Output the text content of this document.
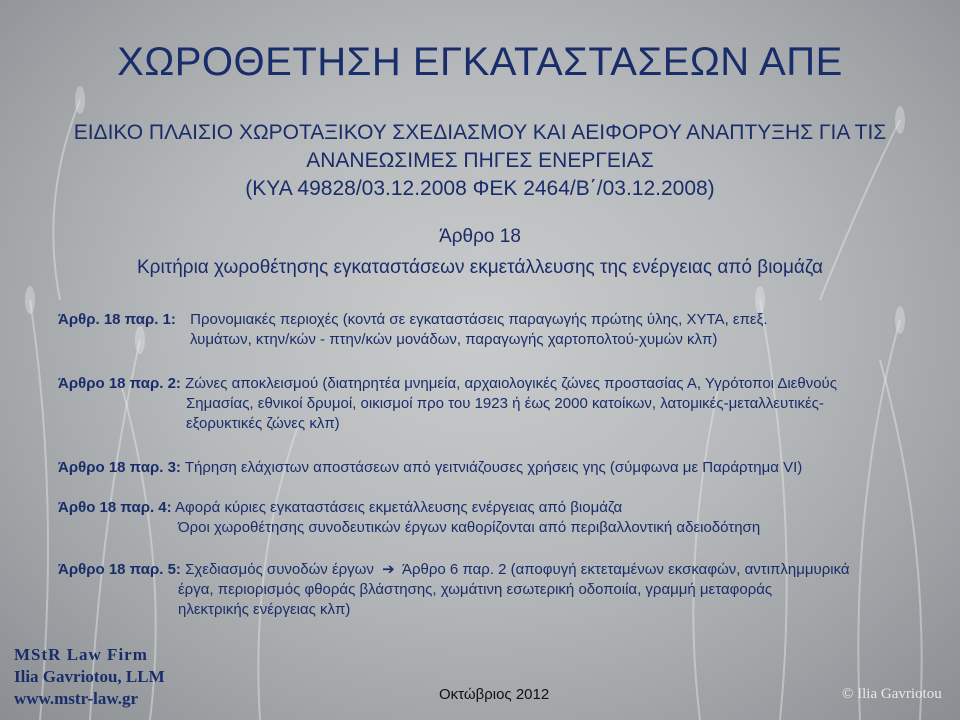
ΧΩΡΟΘΕΤΗΣΗ ΕΓΚΑΤΑΣΤΑΣΕΩΝ ΑΠΕ
ΕΙΔΙΚΟ ΠΛΑΙΣΙΟ ΧΩΡΟΤΑΞΙΚΟΥ ΣΧΕΔΙΑΣΜΟΥ ΚΑΙ ΑΕΙΦΟΡΟΥ ΑΝΑΠΤΥΞΗΣ ΓΙΑ ΤΙΣ
ΑΝΑΝΕΩΣΙΜΕΣ ΠΗΓΕΣ ΕΝΕΡΓΕΙΑΣ
(ΚΥΑ 49828/03.12.2008 ΦΕΚ 2464/Β΄/03.12.2008)
Άρθρο 18
Κριτήρια χωροθέτησης εγκαταστάσεων εκμετάλλευσης της ενέργειας από βιομάζα
Άρθρ. 18 παρ. 1: Προνομιακές περιοχές (κοντά σε εγκαταστάσεις παραγωγής πρώτης ύλης, ΧΥΤΑ, επεξ.
λυμάτων, κτην/κών - πτην/κών μονάδων, παραγωγής χαρτοπολτού-χυμών κλπ)
Άρθρο 18 παρ. 2: Ζώνες αποκλεισμού (διατηρητέα μνημεία, αρχαιολογικές ζώνες προστασίας Α, Υγρότοποι Διεθνούς
Σημασίας, εθνικοί δρυμοί, οικισμοί προ του 1923 ή έως 2000 κατοίκων, λατομικές-μεταλλευτικές-
εξορυκτικές ζώνες κλπ)
Άρθρο 18 παρ. 3: Τήρηση ελάχιστων αποστάσεων από γειτνιάζουσες χρήσεις γης (σύμφωνα με Παράρτημα VI)
Άρθο 18 παρ. 4: Αφορά κύριες εγκαταστάσεις εκμετάλλευσης ενέργειας από βιομάζα
Όροι χωροθέτησης συνοδευτικών έργων καθορίζονται από περιβαλλοντική αδειοδότηση
Άρθρο 18 παρ. 5: Σχεδιασμός συνοδών έργων ➔ Άρθρο 6 παρ. 2 (αποφυγή εκτεταμένων εκσκαφών, αντιπλημμυρικά
έργα, περιορισμός φθοράς βλάστησης, χωμάτινη εσωτερική οδοποιία, γραμμή μεταφοράς
ηλεκτρικής ενέργειας κλπ)
MStR Law Firm
Ilia Gavriotou, LLM
www.mstr-law.gr	Οκτώβριος 2012	© Ilia Gavriotou
